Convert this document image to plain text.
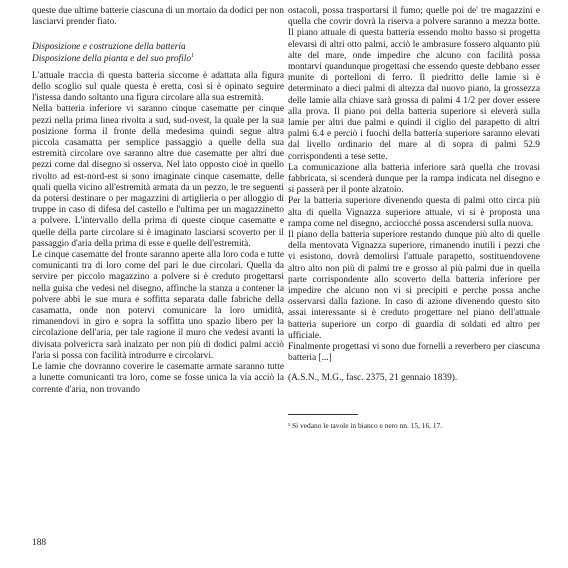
queste due ultime batterie ciascuna di un mortaio da dodici per non lasciarvi prender fiato.

Disposizione e costruzione della batteria

Disposizione della pianta e del suo profilo$^1$

L'attuale traccia di questa batteria siccome è adattata alla figura dello scoglio sul quale questa è eretta, così si è opinato seguire l'istessa dando soltanto una figura circolare alla sua estremità.

Nella batteria inferiore vi saranno cinque casematte per cinque pezzi nella prima linea rivolta a sud, sud-ovest, la quale per la sua posizione forma il fronte della medesima quindi segue altra piccola casamatta per semplice passaggio a quelle della sua estremità circolare ove saranno altre due casematte per altri due pezzi come dal disegno si osserva. Nel lato opposto cioè in quello rivolto ad est-nord-est si sono imaginate cinque casematte, delle quali quella vicino all'estremità armata da un pezzo, le tre seguenti da potersi destinare o per magazzini di artiglieria o per alloggio di truppe in caso di difesa del castello e l'ultima per un magazzinetto a polvere. L'intervallo della prima di queste cinque casematte e quelle della parte circolare si è imaginato lasciarsi scoverto per il passaggio d'aria della prima di esse e quelle dell'estremità.

Le cinque casematte del fronte saranno aperte alla loro coda e tutte comunicanti tra di loro come del pari le due circolari. Quella da servire per piccolo magazzino a polvere si è creduto progettarsi nella guisa che vedesi nel disegno, affinche la stanza a contener la polvere abbi le sue mura e soffitta separata dalle fabriche della casamatta, onde non potervi comunicare la loro umidità, rimanendovi in giro e sopra la soffitta uno spazio libero per la circolazione dell'aria, per tale ragione il muro che vedesi avanti la divisata polveriста sarà inalzato per non più di dodici palmi acciò l'aria si possa con facilità introdurre e circolarvi.

Le lamie che dovranno coverire le casematte armate saranno tutte a lunette comunicanti tra loro, come se fosse unica la via acciò la corrente d'aria, non trovando

ostacoli, possa trasportarsi il fumo; quelle poi de' tre magazzini e quella che covrir dovrà la riserva a polvere saranno a mezza botte. Il piano attuale di questa batteria essendo molto basso si progetta elevarsi di altri otto palmi, acciò le ambrasure fossero alquanto più alte del mare, onde impedire che alcuno con facilità possa montarvi quandunque progettasi che essendo queste debbano esser munite di portelloni di ferro. Il piedritto delle lamie si è determinato a dieci palmi di altezza dal nuovo piano, la grossezza delle lamie alla chiave sarà grossa di palmi 4 1/2 per dover essere alla prova. Il piano poi della batteria superiore si eleverà sulla lamie per altri due palmi e quindi il ciglio del parapetto di altri palmi 6.4 e perciò i fuochi della batteria superiore saranno elevati dal livello ordinario del mare al di sopra di palmi 52.9 corrispondenti a tese sette.

La comunicazione alla batteria inferiore sarà quella che trovasi fabbricata, si scenderà dunque per la rampa indicata nel disegno e si passerà per il ponte alzatoio.

Per la batteria superiore divenendo questa di palmi otto circa più alta di quella Vignazza superiore attuale, vi si è proposta una rampa come nel disegno, acciocché possa ascendersi sulla nuova.

Il piano della batteria superiore restando dunque più alto di quelle della mentovata Vignazza superiore, rimanendo inutili i pezzi che vi esistono, dovrà demolirsi l'attuale parapetto, sostituendovene altro alto non più di palmi tre e grosso al più palmi due in quella parte corrispondente allo scoverto della batteria inferiore per impedire che alcuno non vi si precipiti e perche possa anche osservarsi dalla fazione. In caso di azione divenendo questo sito assai interessante si è creduto progettare nel piano dell'attuale batteria superiore un corpo di guardia di soldati ed altro per ufficiale.

Finalmente progettasi vi sono due fornelli a reverbero per ciascuna batteria [...]

(A.S.N., M.G., fasc. 2375, 21 gennaio 1839).

¹ Si vedano le tavole in bianco e nero nn. 15, 16, 17.

188
